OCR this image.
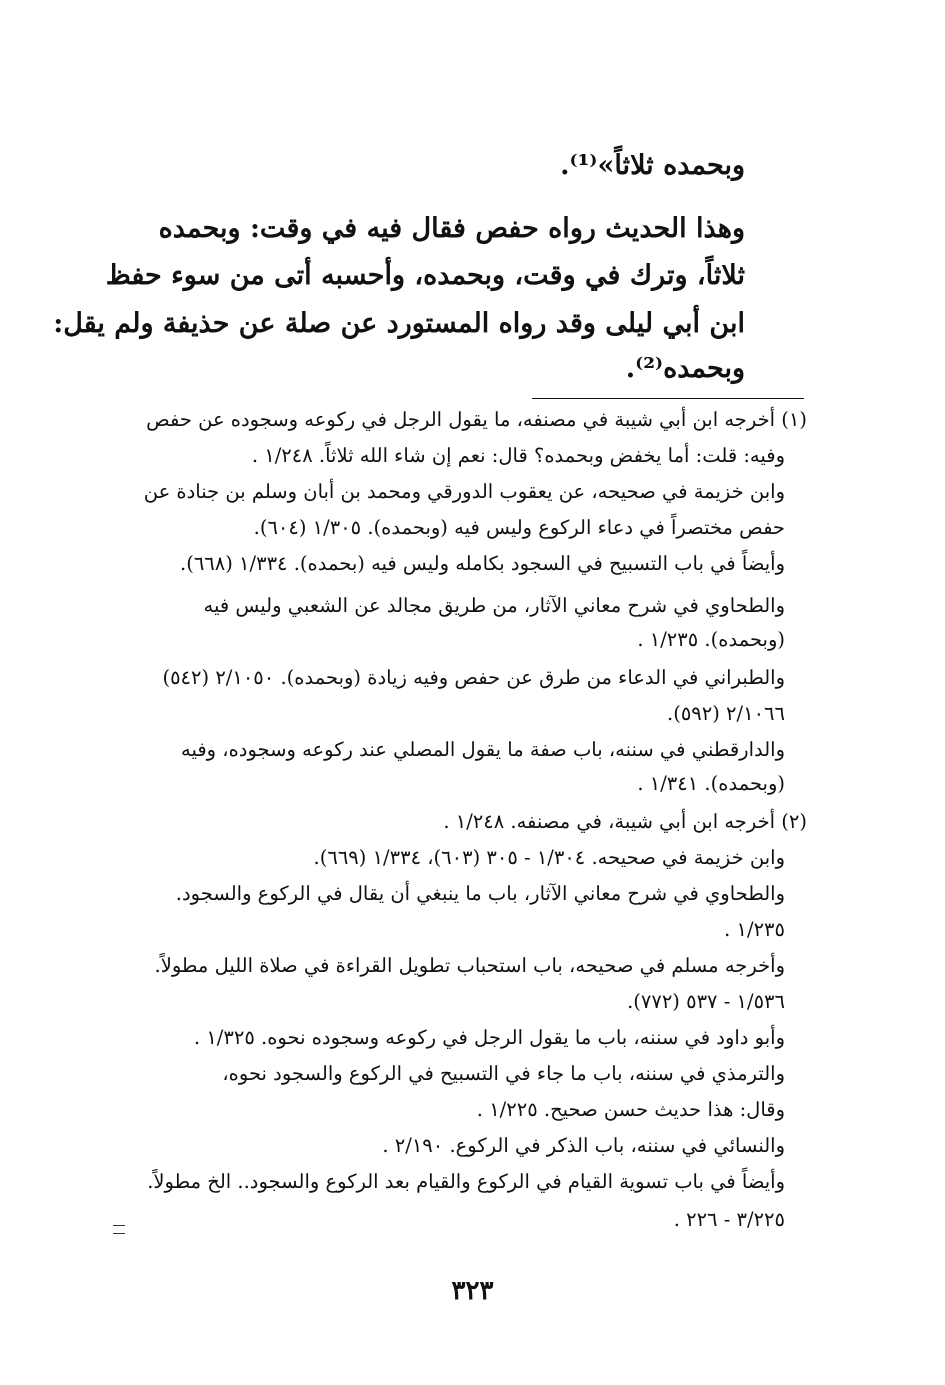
وبحمده ثلاثاً»⁽¹⁾.
وهذا الحديث رواه حفص فقال فيه في وقت: وبحمده
ثلاثاً، وترك في وقت، وبحمده، وأحسبه أتى من سوء حفظ
ابن أبي ليلى وقد رواه المستورد عن صلة عن حذيفة ولم يقل:
وبحمده⁽²⁾.
(١) أخرجه ابن أبي شيبة في مصنفه، ما يقول الرجل في ركوعه وسجوده عن حفص
وفيه: قلت: أما يخفض وبحمده؟ قال: نعم إن شاء الله ثلاثاً. ١/٢٤٨ .
وابن خزيمة في صحيحه، عن يعقوب الدورقي ومحمد بن أبان وسلم بن جنادة عن
حفص مختصراً في دعاء الركوع وليس فيه (وبحمده). ١/٣٠٥ (٦٠٤).
وأيضاً في باب التسبيح في السجود بكامله وليس فيه (بحمده). ١/٣٣٤ (٦٦٨).
والطحاوي في شرح معاني الآثار، من طريق مجالد عن الشعبي وليس فيه
(وبحمده). ١/٢٣٥ .
والطبراني في الدعاء من طرق عن حفص وفيه زيادة (وبحمده). ٢/١٠٥٠ (٥٤٢)
٢/١٠٦٦ (٥٩٢).
والدارقطني في سننه، باب صفة ما يقول المصلي عند ركوعه وسجوده، وفيه
(وبحمده). ١/٣٤١ .
(٢) أخرجه ابن أبي شيبة، في مصنفه. ١/٢٤٨ .
وابن خزيمة في صحيحه. ١/٣٠٤ - ٣٠٥ (٦٠٣)، ١/٣٣٤ (٦٦٩).
والطحاوي في شرح معاني الآثار، باب ما ينبغي أن يقال في الركوع والسجود.
١/٢٣٥ .
وأخرجه مسلم في صحيحه، باب استحباب تطويل القراءة في صلاة الليل مطولاً.
١/٥٣٦ - ٥٣٧ (٧٧٢).
وأبو داود في سننه، باب ما يقول الرجل في ركوعه وسجوده نحوه. ١/٣٢٥ .
والترمذي في سننه، باب ما جاء في التسبيح في الركوع والسجود نحوه،
وقال: هذا حديث حسن صحيح. ١/٢٢٥ .
والنسائي في سننه، باب الذكر في الركوع. ٢/١٩٠ .
وأيضاً في باب تسوية القيام في الركوع والقيام بعد الركوع والسجود.. الخ مطولاً.
٣/٢٢٥ - ٢٢٦ .
٣٢٣
